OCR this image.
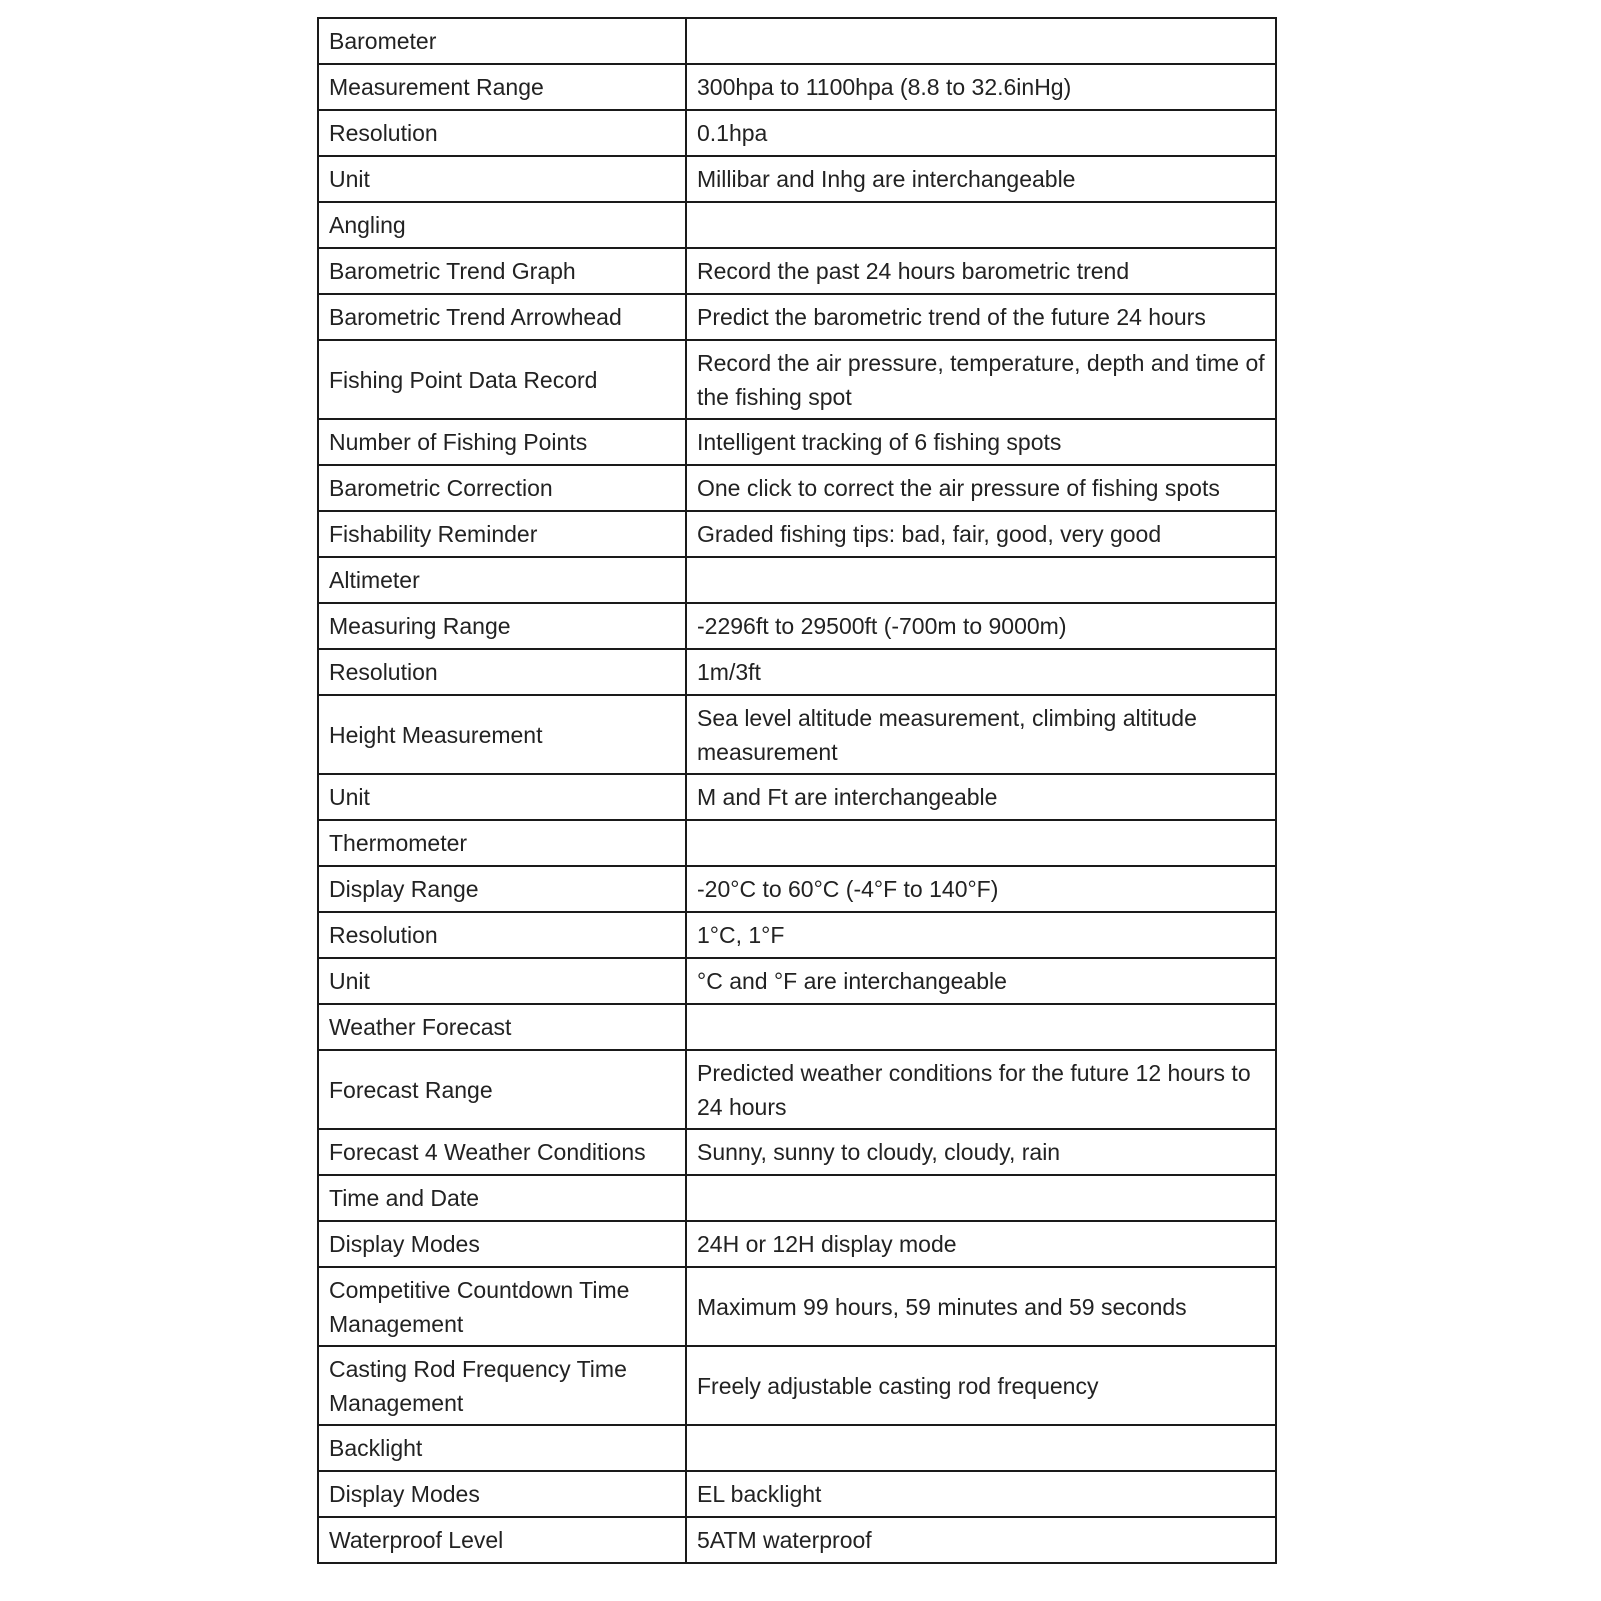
Barometer	
Measurement Range	300hpa to 1100hpa (8.8 to 32.6inHg)
Resolution	0.1hpa
Unit	Millibar and Inhg are interchangeable
Angling	
Barometric Trend Graph	Record the past 24 hours barometric trend
Barometric Trend Arrowhead	Predict the barometric trend of the future 24 hours
Fishing Point Data Record	Record the air pressure, temperature, depth and time of the fishing spot
Number of Fishing Points	Intelligent tracking of 6 fishing spots
Barometric Correction	One click to correct the air pressure of fishing spots
Fishability Reminder	Graded fishing tips: bad, fair, good, very good
Altimeter	
Measuring Range	-2296ft to 29500ft (-700m to 9000m)
Resolution	1m/3ft
Height Measurement	Sea level altitude measurement, climbing altitude measurement
Unit	M and Ft are interchangeable
Thermometer	
Display Range	-20°C to 60°C (-4°F to 140°F)
Resolution	1°C, 1°F
Unit	°C and °F are interchangeable
Weather Forecast	
Forecast Range	Predicted weather conditions for the future 12 hours to 24 hours
Forecast 4 Weather Conditions	Sunny, sunny to cloudy, cloudy, rain
Time and Date	
Display Modes	24H or 12H display mode
Competitive Countdown Time Management	Maximum 99 hours, 59 minutes and 59 seconds
Casting Rod Frequency Time Management	Freely adjustable casting rod frequency
Backlight	
Display Modes	EL backlight
Waterproof Level	5ATM waterproof
